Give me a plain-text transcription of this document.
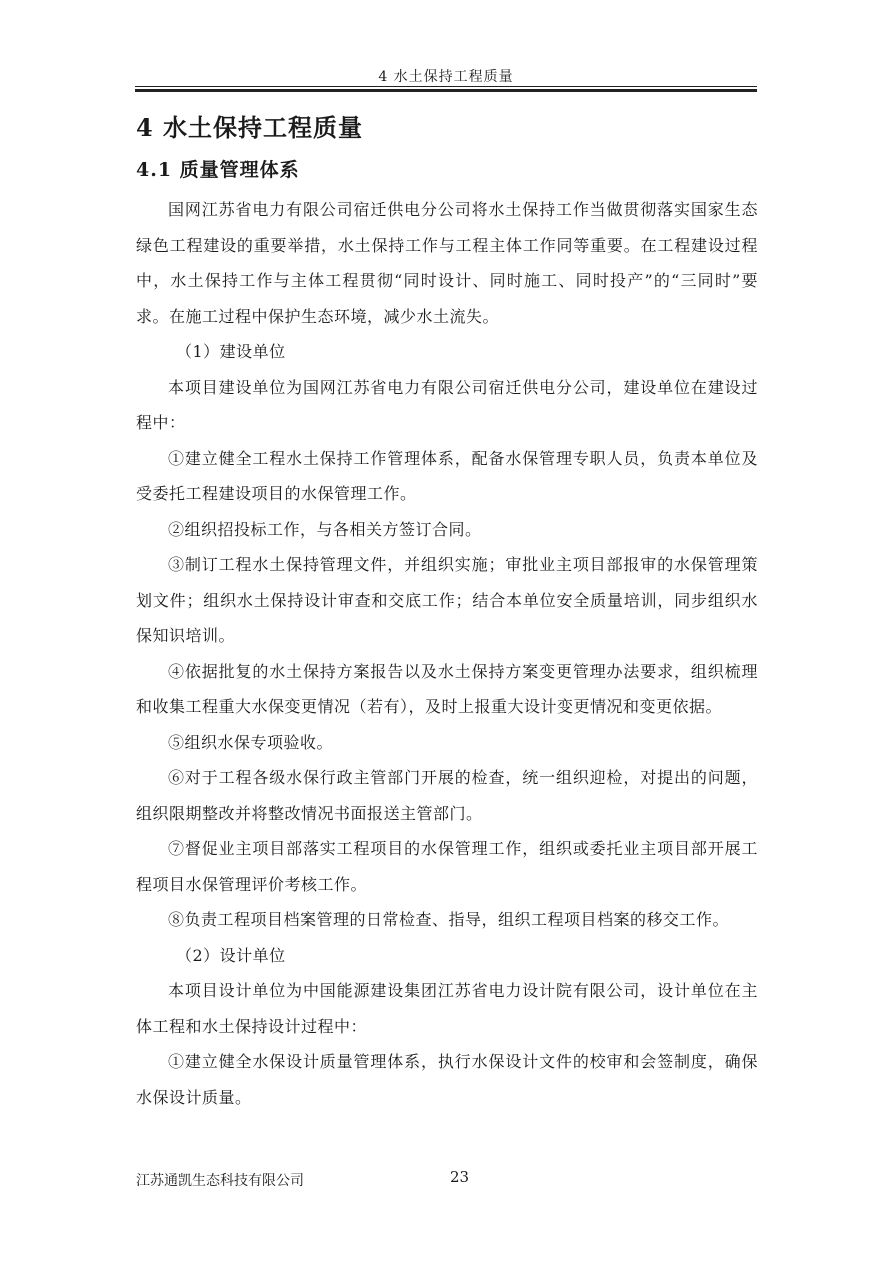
4 水土保持工程质量
4 水土保持工程质量
4.1 质量管理体系

国网江苏省电力有限公司宿迁供电分公司将水土保持工作当做贯彻落实国家生态绿色工程建设的重要举措，水土保持工作与工程主体工作同等重要。在工程建设过程中，水土保持工作与主体工程贯彻“同时设计、同时施工、同时投产”的“三同时”要求。在施工过程中保护生态环境，减少水土流失。

（1）建设单位

本项目建设单位为国网江苏省电力有限公司宿迁供电分公司，建设单位在建设过程中：

①建立健全工程水土保持工作管理体系，配备水保管理专职人员，负责本单位及受委托工程建设项目的水保管理工作。

②组织招投标工作，与各相关方签订合同。

③制订工程水土保持管理文件，并组织实施；审批业主项目部报审的水保管理策划文件；组织水土保持设计审查和交底工作；结合本单位安全质量培训，同步组织水保知识培训。

④依据批复的水土保持方案报告以及水土保持方案变更管理办法要求，组织梳理和收集工程重大水保变更情况（若有），及时上报重大设计变更情况和变更依据。

⑤组织水保专项验收。

⑥对于工程各级水保行政主管部门开展的检查，统一组织迎检，对提出的问题，组织限期整改并将整改情况书面报送主管部门。

⑦督促业主项目部落实工程项目的水保管理工作，组织或委托业主项目部开展工程项目水保管理评价考核工作。

⑧负责工程项目档案管理的日常检查、指导，组织工程项目档案的移交工作。

（2）设计单位

本项目设计单位为中国能源建设集团江苏省电力设计院有限公司，设计单位在主体工程和水土保持设计过程中：

①建立健全水保设计质量管理体系，执行水保设计文件的校审和会签制度，确保水保设计质量。

江苏通凯生态科技有限公司	23
